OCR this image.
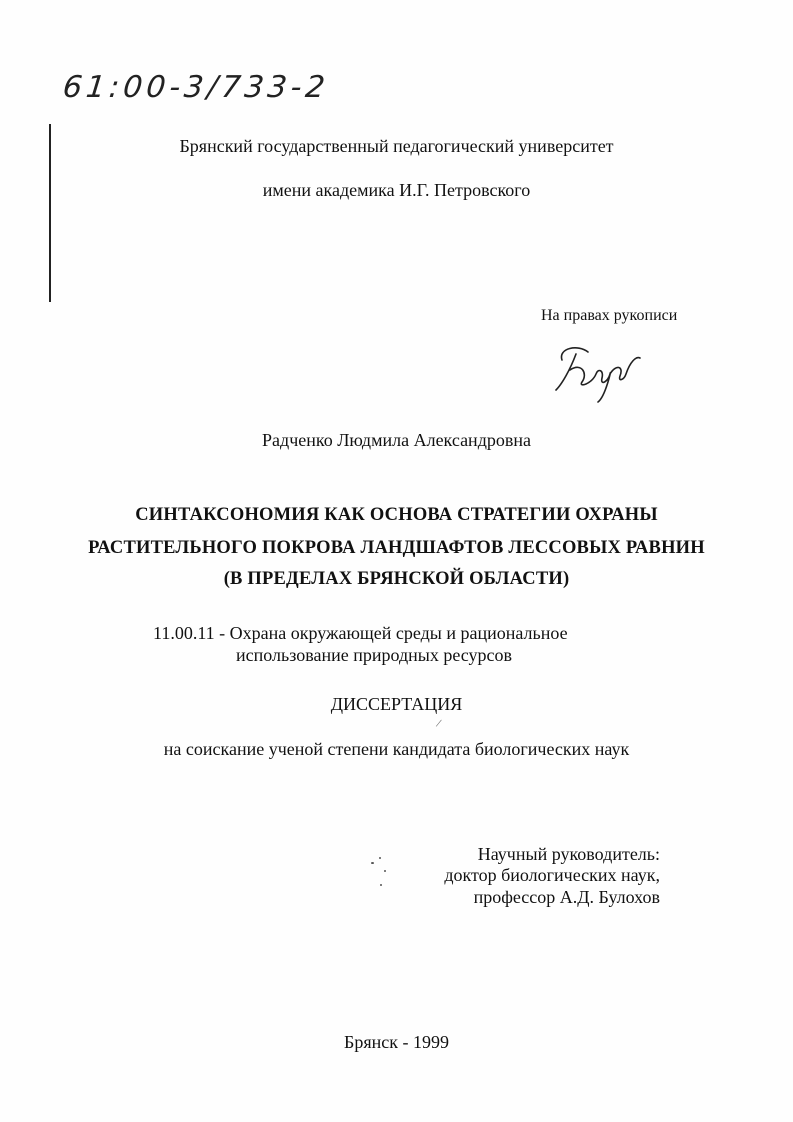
61:00-3/733-2
Брянский государственный педагогический университет
имени академика И.Г. Петровского
На правах рукописи
Радченко Людмила Александровна
СИНТАКСОНОМИЯ КАК ОСНОВА СТРАТЕГИИ ОХРАНЫ
РАСТИТЕЛЬНОГО ПОКРОВА ЛАНДШАФТОВ ЛЕССОВЫХ РАВНИН
(В ПРЕДЕЛАХ БРЯНСКОЙ ОБЛАСТИ)
11.00.11 - Охрана окружающей среды и рациональное
использование природных ресурсов
ДИССЕРТАЦИЯ
/
на соискание ученой степени кандидата биологических наук
Научный руководитель:
доктор биологических наук,
профессор А.Д. Булохов
Брянск - 1999
